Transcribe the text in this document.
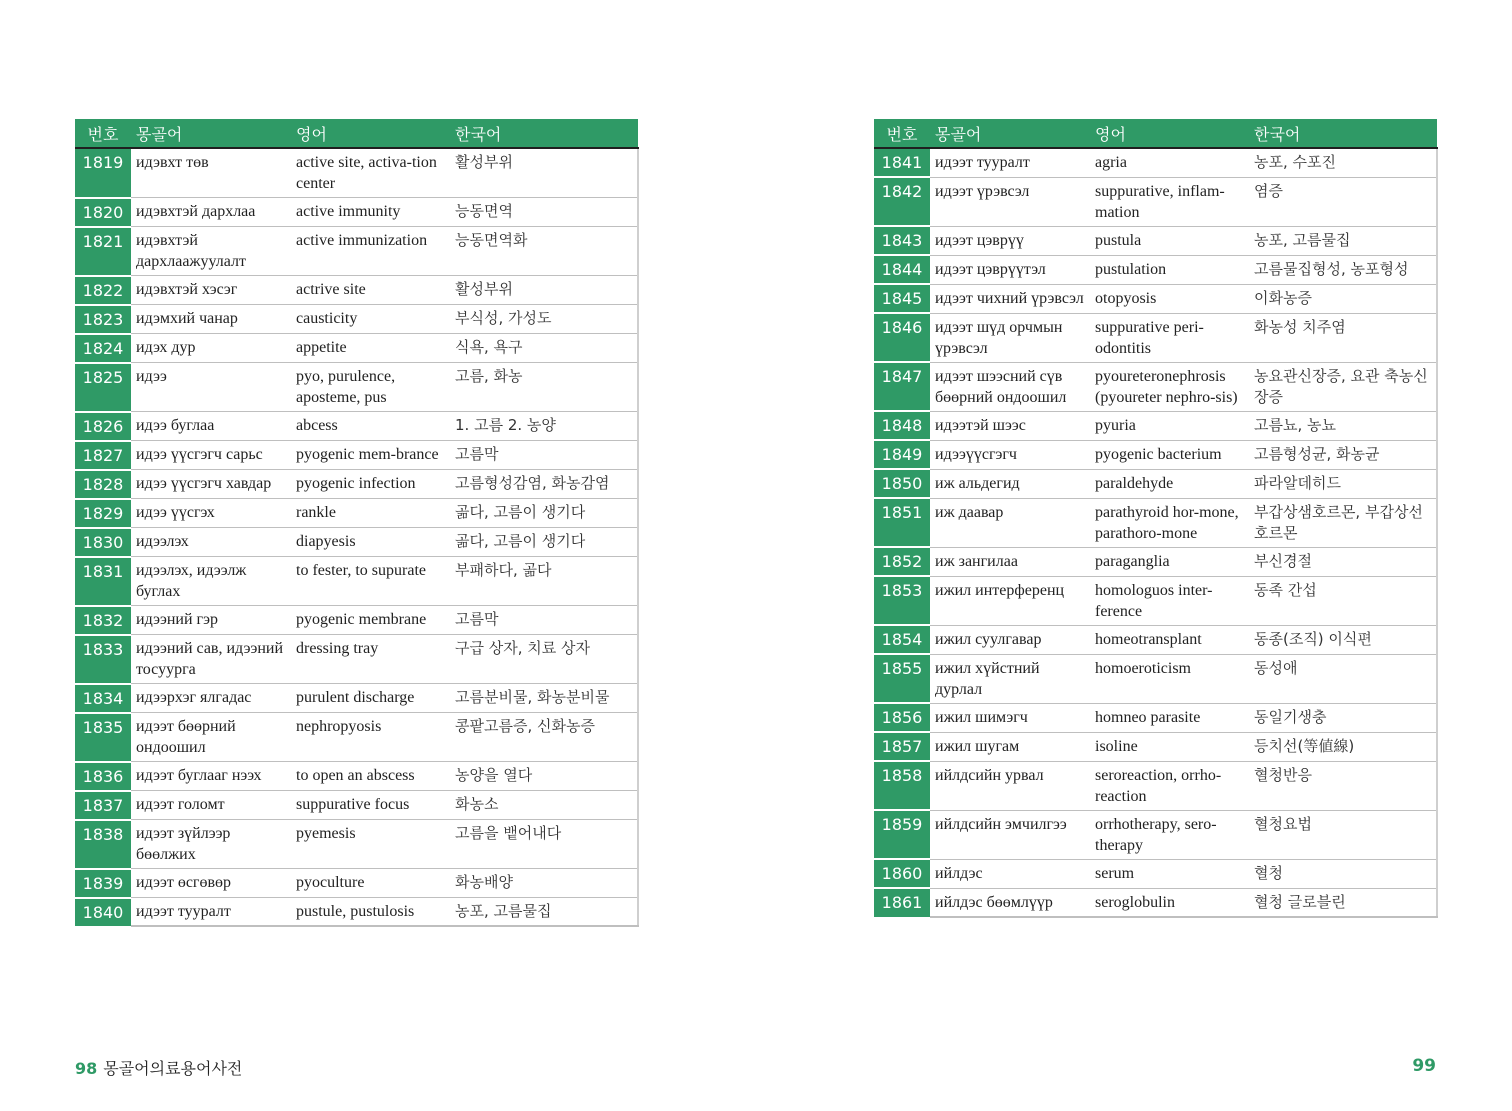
번호	몽골어	영어	한국어
1819	идэвхт төв	active site, activa-tion center	활성부위
1820	идэвхтэй дархлаа	active immunity	능동면역
1821	идэвхтэй дархлаажуулалт	active immunization	능동면역화
1822	идэвхтэй хэсэг	actrive site	활성부위
1823	идэмхий чанар	causticity	부식성, 가성도
1824	идэх дур	appetite	식욕, 욕구
1825	идээ	pyo, purulence, aposteme, pus	고름, 화농
1826	идээ буглаа	abcess	1. 고름 2. 농양
1827	идээ үүсгэгч сарьс	pyogenic mem-brance	고름막
1828	идээ үүсгэгч хавдар	pyogenic infection	고름형성감염, 화농감염
1829	идээ үүсгэх	rankle	곪다, 고름이 생기다
1830	идээлэх	diapyesis	곪다, 고름이 생기다
1831	идээлэх, идээлж буглах	to fester, to supurate	부패하다, 곪다
1832	идээний гэр	pyogenic membrane	고름막
1833	идээний сав, идээний тосуурга	dressing tray	구급 상자, 치료 상자
1834	идээрхэг ялгадас	purulent discharge	고름분비물, 화농분비물
1835	идээт бөөрний ондоошил	nephropyosis	콩팥고름증, 신화농증
1836	идээт буглааг нээх	to open an abscess	농양을 열다
1837	идээт голомт	suppurative focus	화농소
1838	идээт зүйлээр бөөлжих	pyemesis	고름을 뱉어내다
1839	идээт өсгөвөр	pyoculture	화농배양
1840	идээт тууралт	pustule, pustulosis	농포, 고름물집
번호	몽골어	영어	한국어
1841	идээт тууралт	agria	농포, 수포진
1842	идээт үрэвсэл	suppurative, inflam-mation	염증
1843	идээт цэврүү	pustula	농포, 고름물집
1844	идээт цэврүүтэл	pustulation	고름물집형성, 농포형성
1845	идээт чихний үрэвсэл	otopyosis	이화농증
1846	идээт шүд орчмын үрэвсэл	suppurative peri-odontitis	화농성 치주염
1847	идээт шээсний сүв бөөрний ондоошил	pyoureteronephrosis (pyoureter nephro-sis)	농요관신장증, 요관 축농신장증
1848	идээтэй шээс	pyuria	고름뇨, 농뇨
1849	идээүүсгэгч	pyogenic bacterium	고름형성균, 화농균
1850	иж альдегид	paraldehyde	파라알데히드
1851	иж даавар	parathyroid hor-mone, parathoro-mone	부갑상샘호르몬, 부갑상선호르몬
1852	иж зангилаа	paraganglia	부신경절
1853	ижил интерференц	homologuos inter-ference	동족 간섭
1854	ижил суулгавар	homeotransplant	동종(조직) 이식편
1855	ижил хүйстний дурлал	homoeroticism	동성애
1856	ижил шимэгч	homneo parasite	동일기생충
1857	ижил шугам	isoline	등치선(等値線)
1858	ийлдсийн урвал	seroreaction, orrho-reaction	혈청반응
1859	ийлдсийн эмчилгээ	orrhotherapy, sero-therapy	혈청요법
1860	ийлдэс	serum	혈청
1861	ийлдэс бөөмлүүр	seroglobulin	혈청 글로블린
98 몽골어의료용어사전	99
